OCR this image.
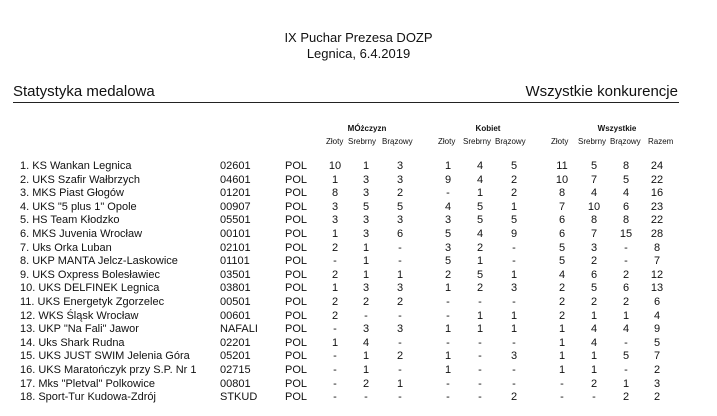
IX Puchar Prezesa DOZP
Legnica, 6.4.2019
Statystyka medalowa	Wszystkie konkurencje
MÓżczyzn	Kobiet	Wszystkie
Złoty Srebrny Brązowy	Złoty Srebrny Brązowy	Złoty Srebrny Brązowy Razem
1. KS Wankan Legnica	02601	POL	10	1	3	1	4	5	11	5	8	24
2. UKS Szafir Wałbrzych	04601	POL	1	3	3	9	4	2	10	7	5	22
3. MKS Piast Głogów	01201	POL	8	3	2	-	1	2	8	4	4	16
4. UKS "5 plus 1" Opole	00907	POL	3	5	5	4	5	1	7	10	6	23
5. HS Team Kłodzko	05501	POL	3	3	3	3	5	5	6	8	8	22
6. MKS Juvenia Wrocław	00101	POL	1	3	6	5	4	9	6	7	15	28
7. Uks Orka Luban	02101	POL	2	1	-	3	2	-	5	3	-	8
8. UKP MANTA Jelcz-Laskowice	01101	POL	-	1	-	5	1	-	5	2	-	7
9. UKS Oxpress Bolesławiec	03501	POL	2	1	1	2	5	1	4	6	2	12
10. UKS DELFINEK Legnica	03801	POL	1	3	3	1	2	3	2	5	6	13
11. UKS Energetyk Zgorzelec	00501	POL	2	2	2	-	-	-	2	2	2	6
12. WKS Śląsk Wrocław	00601	POL	2	-	-	-	1	1	2	1	1	4
13. UKP "Na Fali" Jawor	NAFALI POL	-	3	3	1	1	1	1	4	4	9
14. Uks Shark Rudna	02201	POL	1	4	-	-	-	-	1	4	-	5
15. UKS JUST SWIM Jelenia Góra	05201	POL	-	1	2	1	-	3	1	1	5	7
16. UKS Maratończyk przy S.P. Nr 1 02715	POL	-	1	-	1	-	-	1	1	-	2
17. Mks "Pletval" Polkowice	00801	POL	-	2	1	-	-	-	-	2	1	3
18. Sport-Tur Kudowa-Zdrój	STKUD	POL	-	-	-	-	-	2	-	-	2	2
